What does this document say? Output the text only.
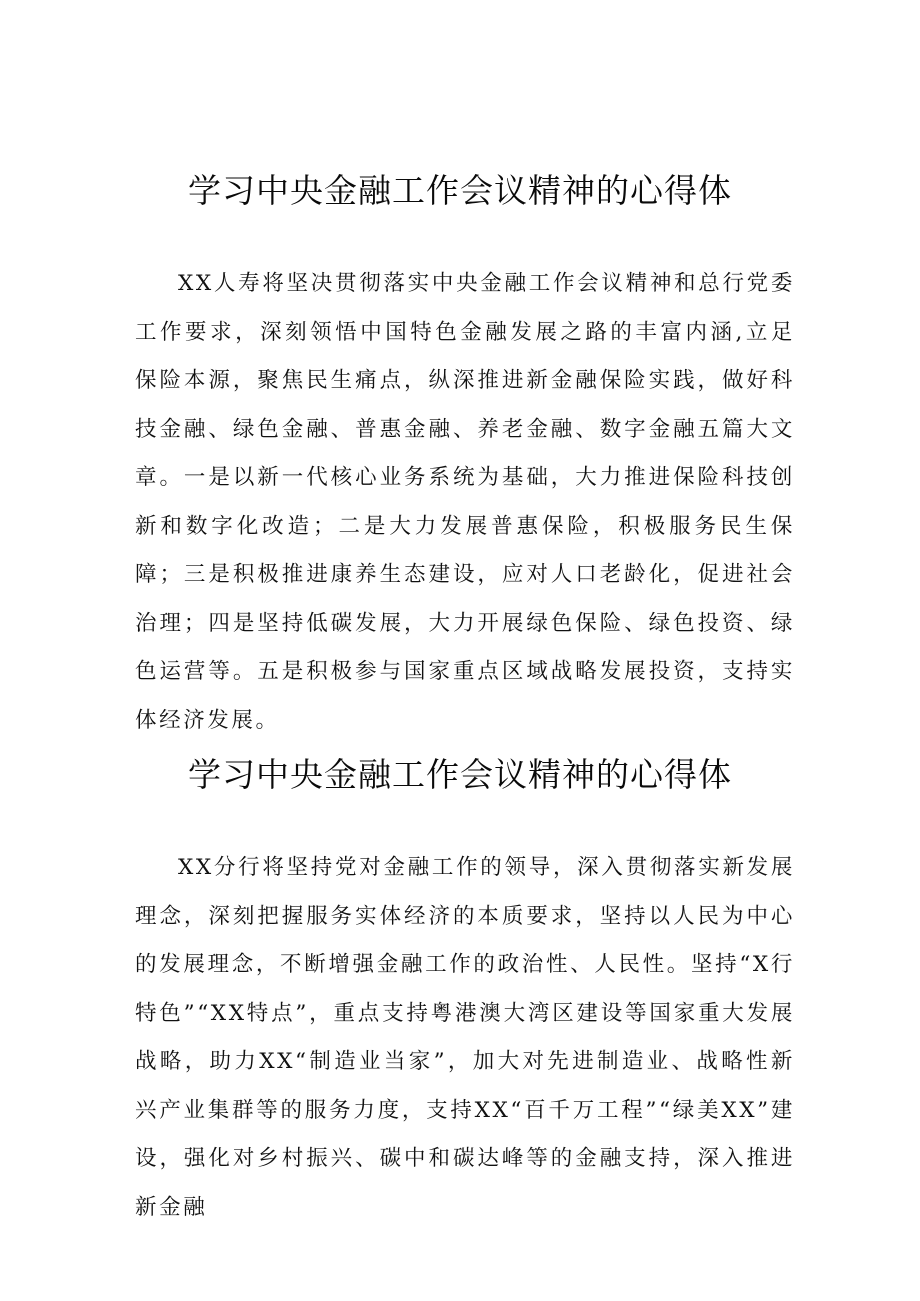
学习中央金融工作会议精神的心得体

XX人寿将坚决贯彻落实中央金融工作会议精神和总行党委工作要求，深刻领悟中国特色金融发展之路的丰富内涵,立足保险本源，聚焦民生痛点，纵深推进新金融保险实践，做好科技金融、绿色金融、普惠金融、养老金融、数字金融五篇大文章。一是以新一代核心业务系统为基础，大力推进保险科技创新和数字化改造；二是大力发展普惠保险，积极服务民生保障；三是积极推进康养生态建设，应对人口老龄化，促进社会治理；四是坚持低碳发展，大力开展绿色保险、绿色投资、绿色运营等。五是积极参与国家重点区域战略发展投资，支持实体经济发展。

学习中央金融工作会议精神的心得体

XX分行将坚持党对金融工作的领导，深入贯彻落实新发展理念，深刻把握服务实体经济的本质要求，坚持以人民为中心的发展理念，不断增强金融工作的政治性、人民性。坚持“X行特色”“XX特点”，重点支持粤港澳大湾区建设等国家重大发展战略，助力XX“制造业当家”，加大对先进制造业、战略性新兴产业集群等的服务力度，支持XX“百千万工程”“绿美XX”建设，强化对乡村振兴、碳中和碳达峰等的金融支持，深入推进新金融
